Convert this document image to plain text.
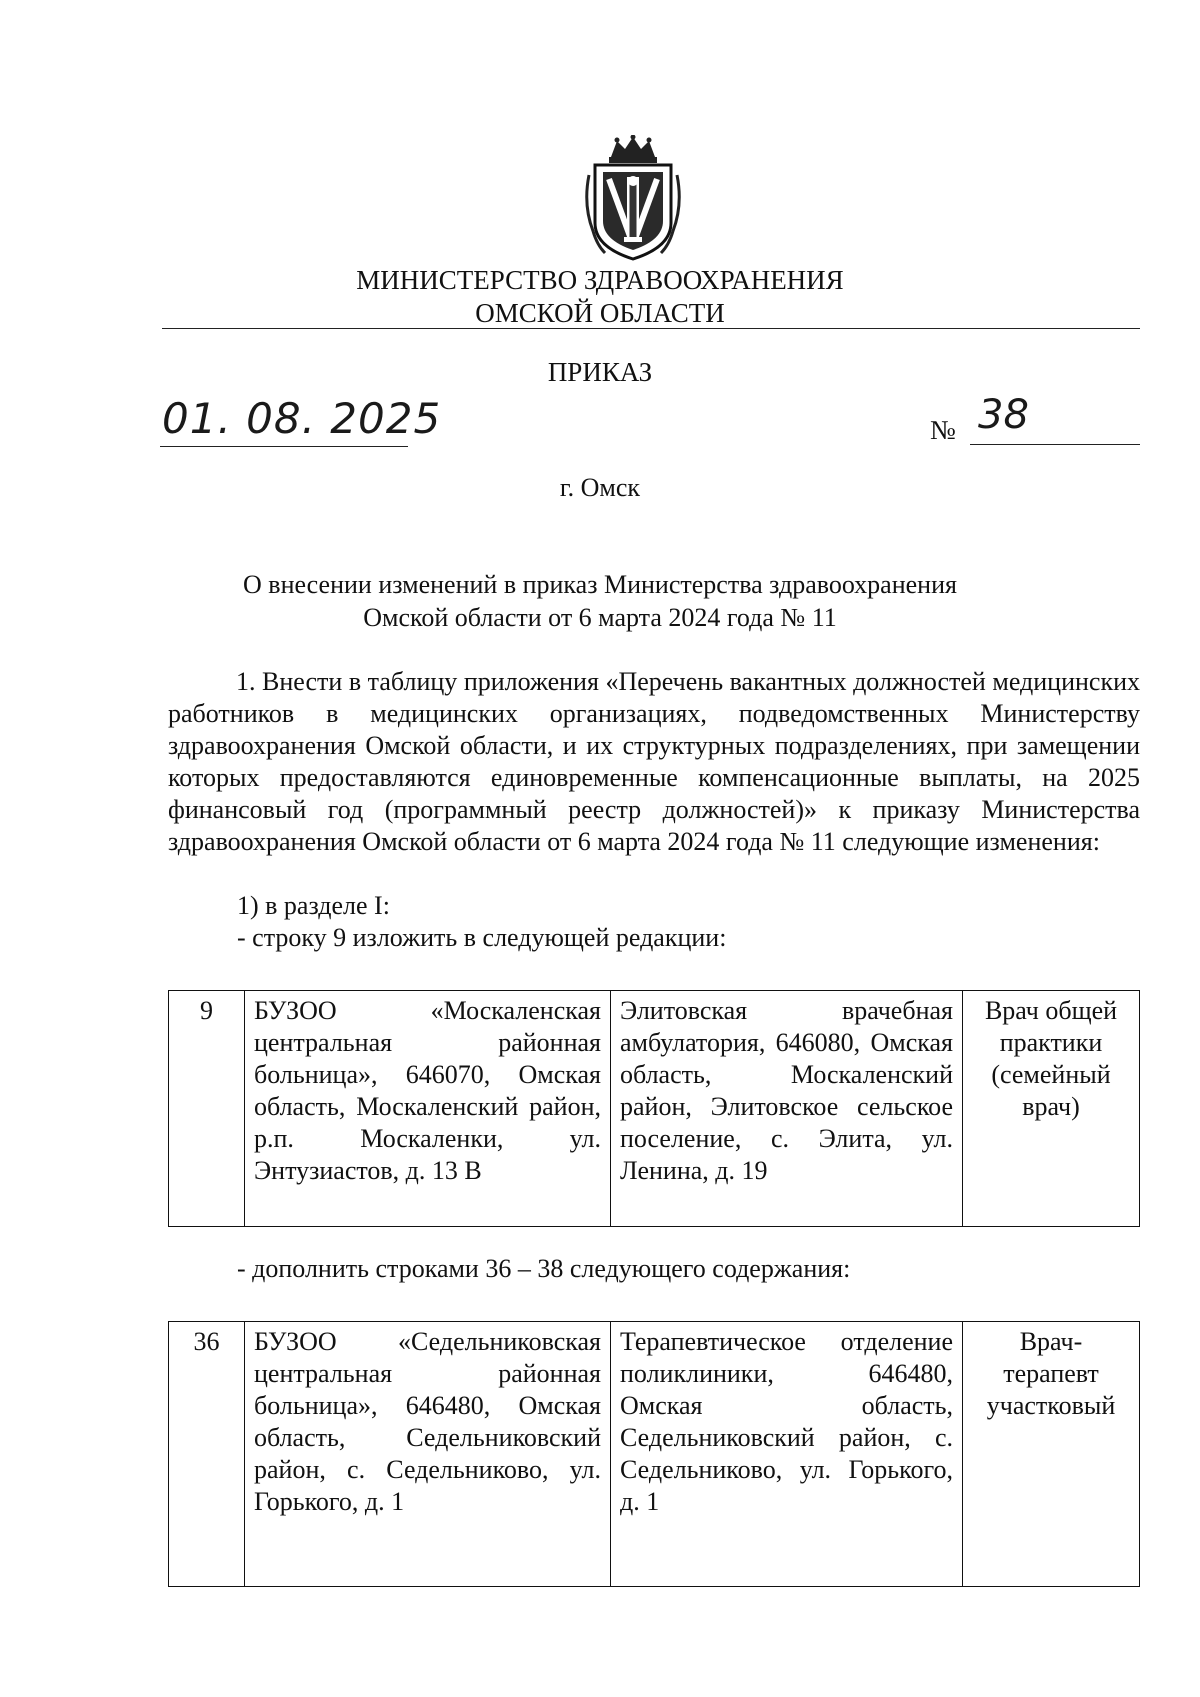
МИНИСТЕРСТВО ЗДРАВООХРАНЕНИЯ
ОМСКОЙ ОБЛАСТИ
ПРИКАЗ
01. 08. 2025	№ 38
г. Омск
О внесении изменений в приказ Министерства здравоохранения
Омской области от 6 марта 2024 года № 11
1. Внести в таблицу приложения «Перечень вакантных должностей медицинских работников в медицинских организациях, подведомственных Министерству здравоохранения Омской области, и их структурных подразделениях, при замещении которых предоставляются единовременные компенсационные выплаты, на 2025 финансовый год (программный реестр должностей)» к приказу Министерства здравоохранения Омской области от 6 марта 2024 года № 11 следующие изменения:
1) в разделе I:
- строку 9 изложить в следующей редакции:
9	БУЗОО «Москаленская центральная районная больница», 646070, Омская область, Москаленский район, р.п. Москаленки, ул. Энтузиастов, д. 13 В	Элитовская врачебная амбулатория, 646080, Омская область, Москаленский район, Элитовское сельское поселение, с. Элита, ул. Ленина, д. 19	Врач общей практики (семейный врач)
- дополнить строками 36 – 38 следующего содержания:
36	БУЗОО «Седельниковская центральная районная больница», 646480, Омская область, Седельниковский район, с. Седельниково, ул. Горького, д. 1	Терапевтическое отделение поликлиники, 646480, Омская область, Седельниковский район, с. Седельниково, ул. Горького, д. 1	Врач-терапевт участковый
